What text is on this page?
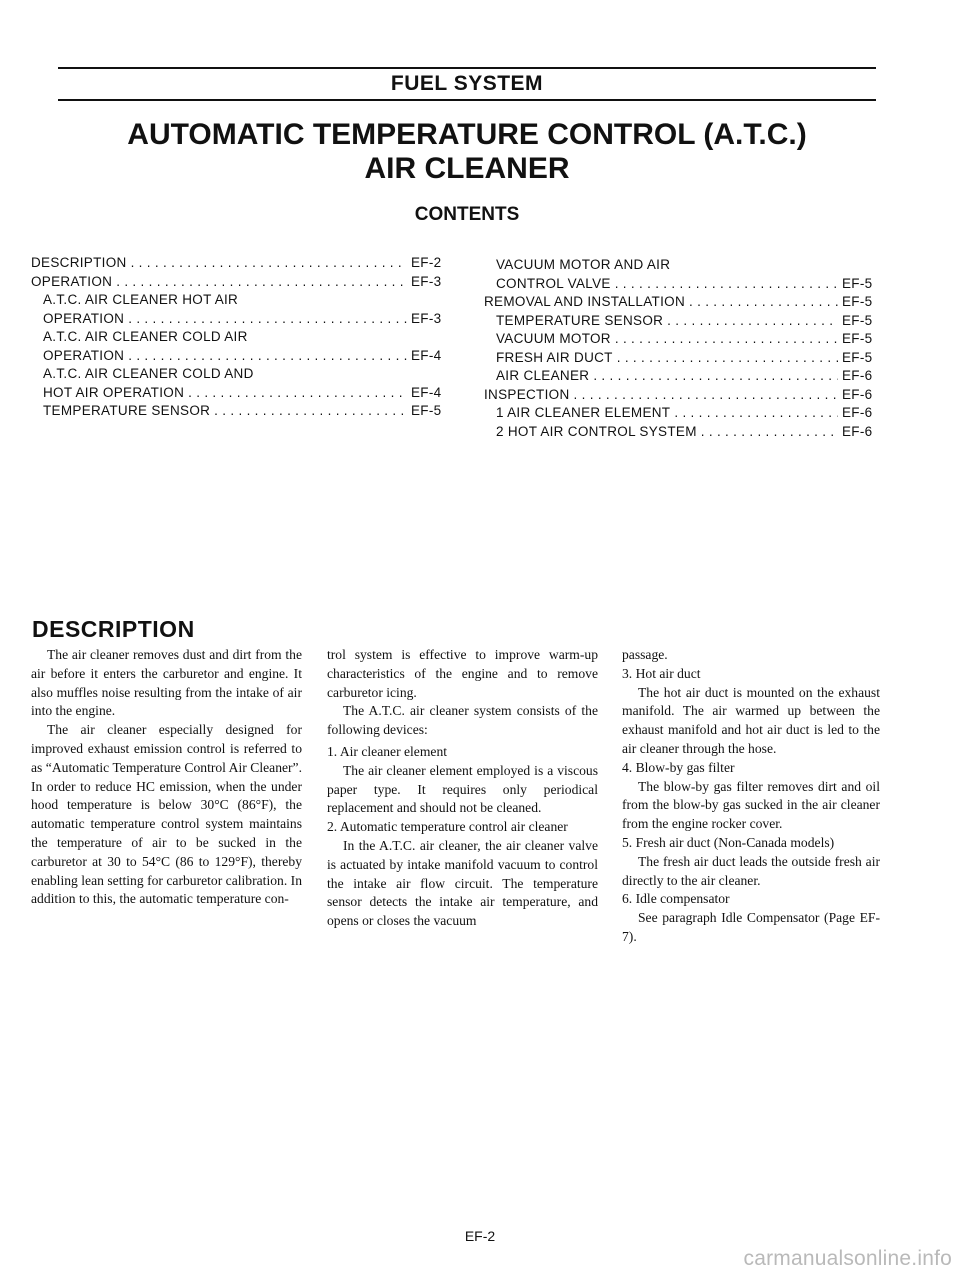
FUEL SYSTEM
AUTOMATIC TEMPERATURE CONTROL (A.T.C.)
AIR CLEANER
CONTENTS
DESCRIPTION . . .	EF-2
OPERATION . . .	EF-3
A.T.C. AIR CLEANER HOT AIR
OPERATION . . .	EF-3
A.T.C. AIR CLEANER COLD AIR
OPERATION . . .	EF-4
A.T.C. AIR CLEANER COLD AND
HOT AIR OPERATION . . .	EF-4
TEMPERATURE SENSOR . . .	EF-5
VACUUM MOTOR AND AIR
CONTROL VALVE . . .	EF-5
REMOVAL AND INSTALLATION . . .	EF-5
TEMPERATURE SENSOR . . .	EF-5
VACUUM MOTOR . . .	EF-5
FRESH AIR DUCT . . .	EF-5
AIR CLEANER . . .	EF-6
INSPECTION . . .	EF-6
1 AIR CLEANER ELEMENT . . .	EF-6
2 HOT AIR CONTROL SYSTEM . . .	EF-6
DESCRIPTION

The air cleaner removes dust and dirt from the air before it enters the carburetor and engine. It also muffles noise resulting from the intake of air into the engine.

The air cleaner especially designed for improved exhaust emission control is referred to as “Automatic Temperature Control Air Cleaner”. In order to reduce HC emission, when the under hood temperature is below 30°C (86°F), the automatic temperature control system maintains the temperature of air to be sucked in the carburetor at 30 to 54°C (86 to 129°F), thereby enabling lean setting for carburetor calibration. In addition to this, the automatic temperature con-

trol system is effective to improve warm-up characteristics of the engine and to remove carburetor icing.

The A.T.C. air cleaner system consists of the following devices:

1. Air cleaner element

The air cleaner element employed is a viscous paper type. It requires only periodical replacement and should not be cleaned.

2. Automatic temperature control air cleaner

In the A.T.C. air cleaner, the air cleaner valve is actuated by intake manifold vacuum to control the intake air flow circuit. The temperature sensor detects the intake air temperature, and opens or closes the vacuum

passage.

3. Hot air duct

The hot air duct is mounted on the exhaust manifold. The air warmed up between the exhaust manifold and hot air duct is led to the air cleaner through the hose.

4. Blow-by gas filter

The blow-by gas filter removes dirt and oil from the blow-by gas sucked in the air cleaner from the engine rocker cover.

5. Fresh air duct (Non-Canada models)

The fresh air duct leads the outside fresh air directly to the air cleaner.

6. Idle compensator

See paragraph Idle Compensator (Page EF-7).

EF-2
carmanualsonline.info
